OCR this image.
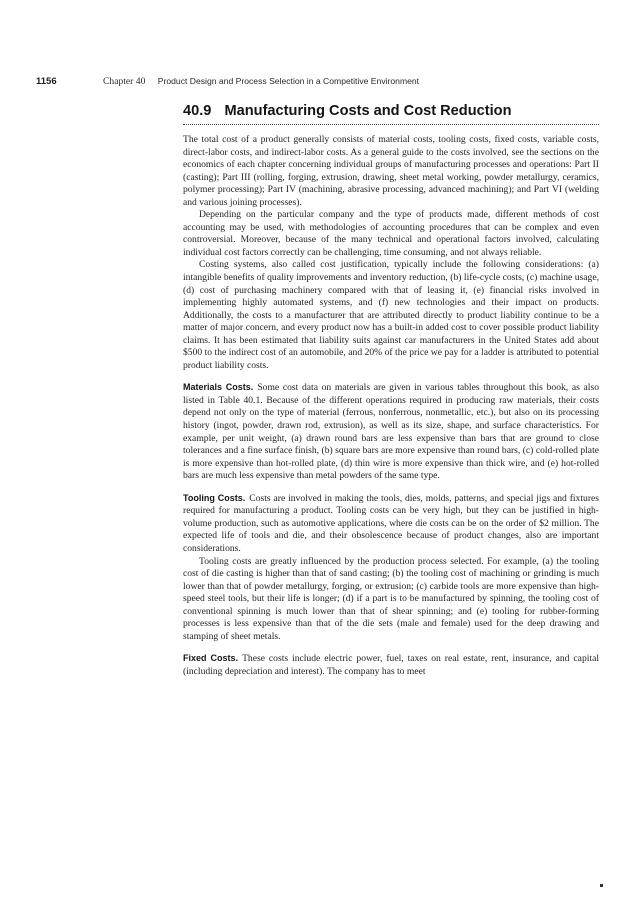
1156	Chapter 40 Product Design and Process Selection in a Competitive Environment
40.9 Manufacturing Costs and Cost Reduction

The total cost of a product generally consists of material costs, tooling costs, fixed costs, variable costs, direct-labor costs, and indirect-labor costs. As a general guide to the costs involved, see the sections on the economics of each chapter concerning individual groups of manufacturing processes and operations: Part II (casting); Part III (rolling, forging, extrusion, drawing, sheet metal working, powder metallurgy, ceramics, polymer processing); Part IV (machining, abrasive processing, advanced machining); and Part VI (welding and various joining processes).

Depending on the particular company and the type of products made, different methods of cost accounting may be used, with methodologies of accounting procedures that can be complex and even controversial. Moreover, because of the many technical and operational factors involved, calculating individual cost factors correctly can be challenging, time consuming, and not always reliable.

Costing systems, also called cost justification, typically include the following considerations: (a) intangible benefits of quality improvements and inventory reduction, (b) life-cycle costs, (c) machine usage, (d) cost of purchasing machinery compared with that of leasing it, (e) financial risks involved in implementing highly automated systems, and (f) new technologies and their impact on products. Additionally, the costs to a manufacturer that are attributed directly to product liability continue to be a matter of major concern, and every product now has a built-in added cost to cover possible product liability claims. It has been estimated that liability suits against car manufacturers in the United States add about $500 to the indirect cost of an automobile, and 20% of the price we pay for a ladder is attributed to potential product liability costs.

Materials Costs. Some cost data on materials are given in various tables throughout this book, as also listed in Table 40.1. Because of the different operations required in producing raw materials, their costs depend not only on the type of material (ferrous, nonferrous, nonmetallic, etc.), but also on its processing history (ingot, powder, drawn rod, extrusion), as well as its size, shape, and surface characteristics. For example, per unit weight, (a) drawn round bars are less expensive than bars that are ground to close tolerances and a fine surface finish, (b) square bars are more expensive than round bars, (c) cold-rolled plate is more expensive than hot-rolled plate, (d) thin wire is more expensive than thick wire, and (e) hot-rolled bars are much less expensive than metal powders of the same type.

Tooling Costs. Costs are involved in making the tools, dies, molds, patterns, and special jigs and fixtures required for manufacturing a product. Tooling costs can be very high, but they can be justified in high-volume production, such as automotive applications, where die costs can be on the order of $2 million. The expected life of tools and die, and their obsolescence because of product changes, also are important considerations.

Tooling costs are greatly influenced by the production process selected. For example, (a) the tooling cost of die casting is higher than that of sand casting; (b) the tooling cost of machining or grinding is much lower than that of powder metallurgy, forging, or extrusion; (c) carbide tools are more expensive than high-speed steel tools, but their life is longer; (d) if a part is to be manufactured by spinning, the tooling cost of conventional spinning is much lower than that of shear spinning; and (e) tooling for rubber-forming processes is less expensive than that of the die sets (male and female) used for the deep drawing and stamping of sheet metals.

Fixed Costs. These costs include electric power, fuel, taxes on real estate, rent, insurance, and capital (including depreciation and interest). The company has to meet
